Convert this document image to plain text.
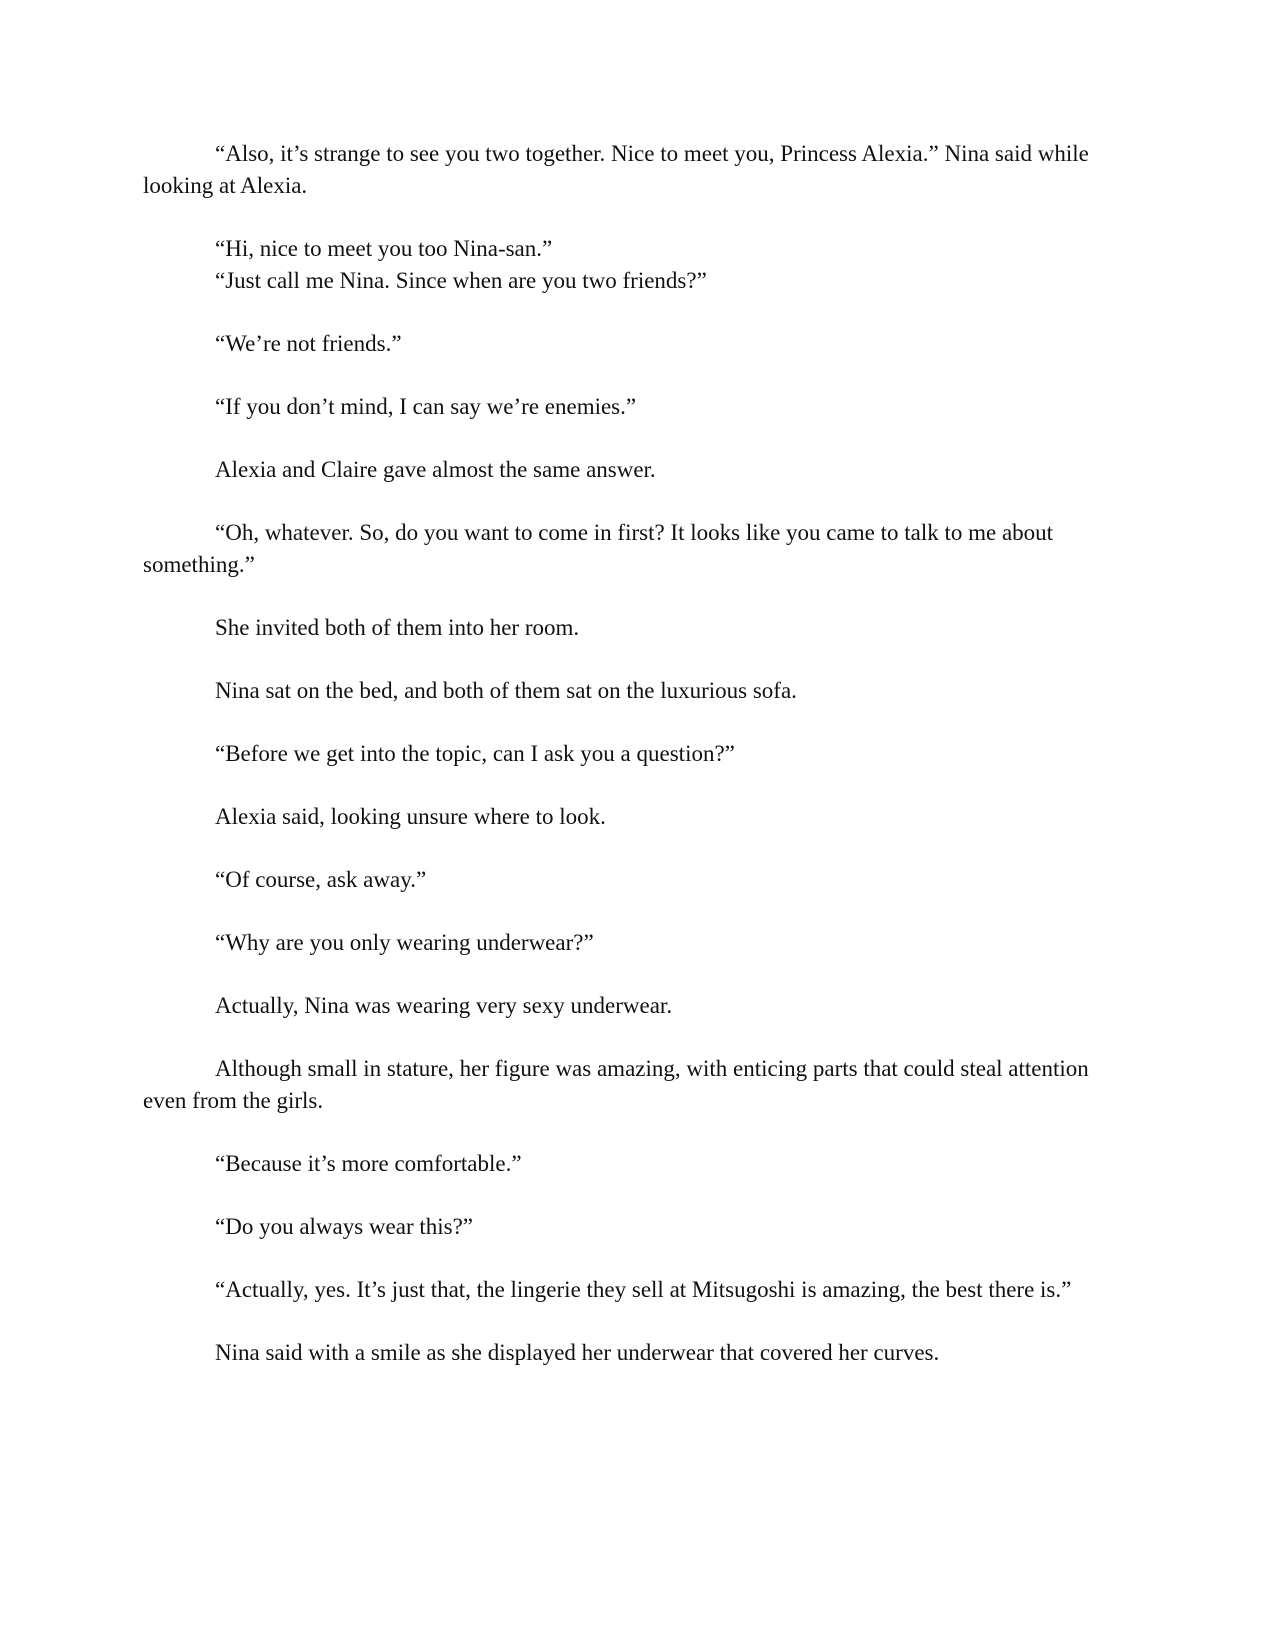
“Also, it’s strange to see you two together. Nice to meet you, Princess Alexia.” Nina said while looking at Alexia.

“Hi, nice to meet you too Nina-san.”

“Just call me Nina. Since when are you two friends?”

“We’re not friends.”

“If you don’t mind, I can say we’re enemies.”

Alexia and Claire gave almost the same answer.

“Oh, whatever. So, do you want to come in first? It looks like you came to talk to me about something.”

She invited both of them into her room.

Nina sat on the bed, and both of them sat on the luxurious sofa.

“Before we get into the topic, can I ask you a question?”

Alexia said, looking unsure where to look.

“Of course, ask away.”

“Why are you only wearing underwear?”

Actually, Nina was wearing very sexy underwear.

Although small in stature, her figure was amazing, with enticing parts that could steal attention even from the girls.

“Because it’s more comfortable.”

“Do you always wear this?”

“Actually, yes. It’s just that, the lingerie they sell at Mitsugoshi is amazing, the best there is.”

Nina said with a smile as she displayed her underwear that covered her curves.
